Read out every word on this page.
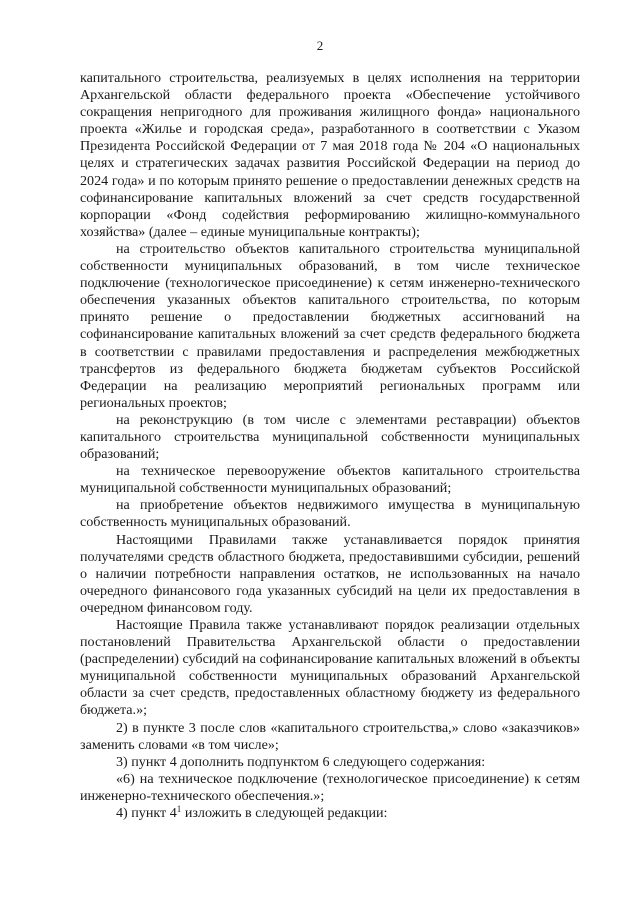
2

капитального строительства, реализуемых в целях исполнения на территории Архангельской области федерального проекта «Обеспечение устойчивого сокращения непригодного для проживания жилищного фонда» национального проекта «Жилье и городская среда», разработанного в соответствии с Указом Президента Российской Федерации от 7 мая 2018 года № 204 «О национальных целях и стратегических задачах развития Российской Федерации на период до 2024 года» и по которым принято решение о предоставлении денежных средств на софинансирование капитальных вложений за счет средств государственной корпорации «Фонд содействия реформированию жилищно-коммунального хозяйства» (далее – единые муниципальные контракты);

на строительство объектов капитального строительства муниципальной собственности муниципальных образований, в том числе техническое подключение (технологическое присоединение) к сетям инженерно-технического обеспечения указанных объектов капитального строительства, по которым принято решение о предоставлении бюджетных ассигнований на софинансирование капитальных вложений за счет средств федерального бюджета в соответствии с правилами предоставления и распределения межбюджетных трансфертов из федерального бюджета бюджетам субъектов Российской Федерации на реализацию мероприятий региональных программ или региональных проектов;

на реконструкцию (в том числе с элементами реставрации) объектов капитального строительства муниципальной собственности муниципальных образований;

на техническое перевооружение объектов капитального строительства муниципальной собственности муниципальных образований;

на приобретение объектов недвижимого имущества в муниципальную собственность муниципальных образований.

Настоящими Правилами также устанавливается порядок принятия получателями средств областного бюджета, предоставившими субсидии, решений о наличии потребности направления остатков, не использованных на начало очередного финансового года указанных субсидий на цели их предоставления в очередном финансовом году.

Настоящие Правила также устанавливают порядок реализации отдельных постановлений Правительства Архангельской области о предоставлении (распределении) субсидий на софинансирование капитальных вложений в объекты муниципальной собственности муниципальных образований Архангельской области за счет средств, предоставленных областному бюджету из федерального бюджета.»;

2) в пункте 3 после слов «капитального строительства,» слово «заказчиков» заменить словами «в том числе»;

3) пункт 4 дополнить подпунктом 6 следующего содержания:

«6) на техническое подключение (технологическое присоединение) к сетям инженерно-технического обеспечения.»;

4) пункт $4^1$ изложить в следующей редакции:
